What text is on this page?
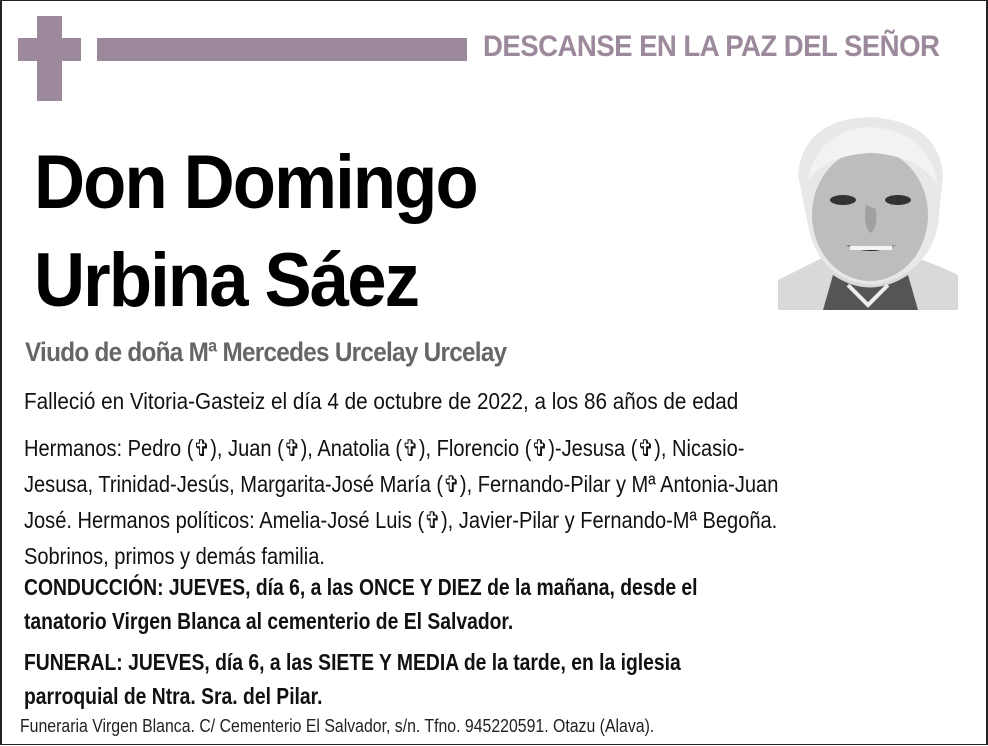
DESCANSE EN LA PAZ DEL SEÑOR
Don Domingo
Urbina Sáez
Viudo de doña Mª Mercedes Urcelay Urcelay
Falleció en Vitoria-Gasteiz el día 4 de octubre de 2022, a los 86 años de edad
Hermanos: Pedro (✞), Juan (✞), Anatolia (✞), Florencio (✞)-Jesusa (✞), Nicasio-
Jesusa, Trinidad-Jesús, Margarita-José María (✞), Fernando-Pilar y Mª Antonia-Juan
José. Hermanos políticos: Amelia-José Luis (✞), Javier-Pilar y Fernando-Mª Begoña.
Sobrinos, primos y demás familia.
CONDUCCIÓN: JUEVES, día 6, a las ONCE Y DIEZ de la mañana, desde el
tanatorio Virgen Blanca al cementerio de El Salvador.
FUNERAL: JUEVES, día 6, a las SIETE Y MEDIA de la tarde, en la iglesia
parroquial de Ntra. Sra. del Pilar.
Funeraria Virgen Blanca. C/ Cementerio El Salvador, s/n. Tfno. 945220591. Otazu (Alava).
